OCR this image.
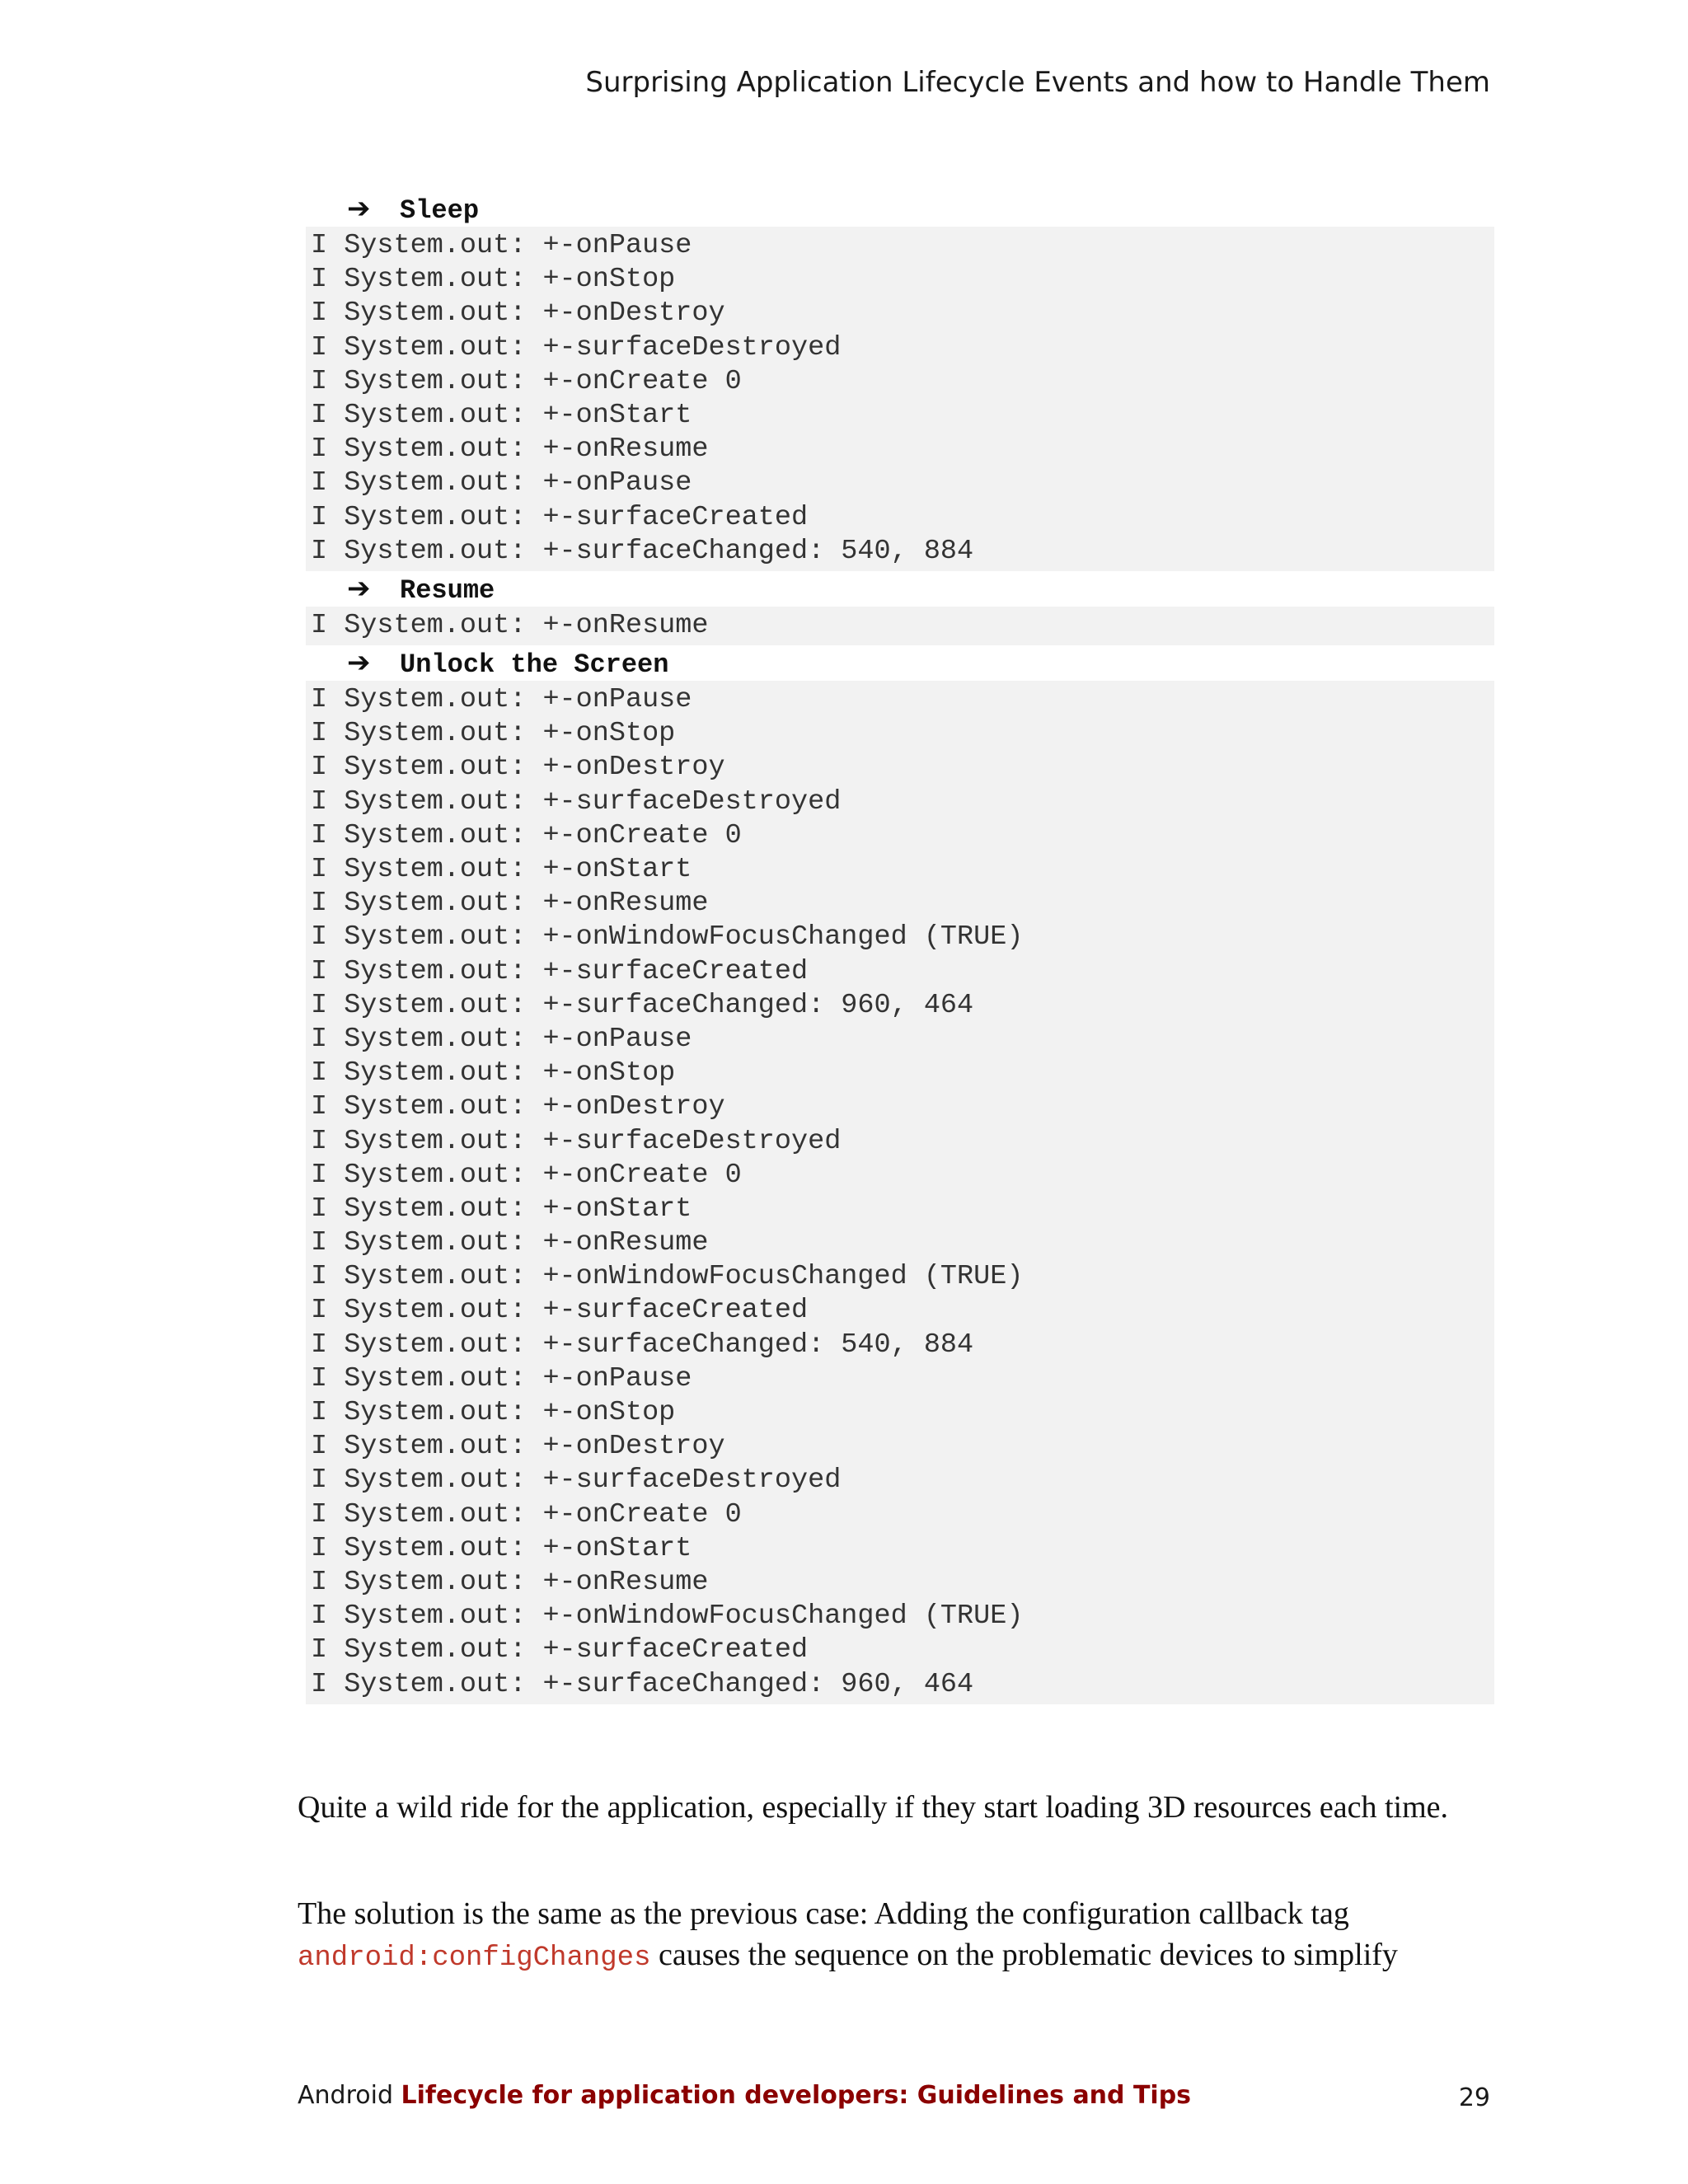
Surprising Application Lifecycle Events and how to Handle Them
➔ Sleep
I System.out: +-onPause
I System.out: +-onStop
I System.out: +-onDestroy
I System.out: +-surfaceDestroyed
I System.out: +-onCreate 0
I System.out: +-onStart
I System.out: +-onResume
I System.out: +-onPause
I System.out: +-surfaceCreated
I System.out: +-surfaceChanged: 540, 884
➔ Resume
I System.out: +-onResume
➔ Unlock the Screen
I System.out: +-onPause
I System.out: +-onStop
I System.out: +-onDestroy
I System.out: +-surfaceDestroyed
I System.out: +-onCreate 0
I System.out: +-onStart
I System.out: +-onResume
I System.out: +-onWindowFocusChanged (TRUE)
I System.out: +-surfaceCreated
I System.out: +-surfaceChanged: 960, 464
I System.out: +-onPause
I System.out: +-onStop
I System.out: +-onDestroy
I System.out: +-surfaceDestroyed
I System.out: +-onCreate 0
I System.out: +-onStart
I System.out: +-onResume
I System.out: +-onWindowFocusChanged (TRUE)
I System.out: +-surfaceCreated
I System.out: +-surfaceChanged: 540, 884
I System.out: +-onPause
I System.out: +-onStop
I System.out: +-onDestroy
I System.out: +-surfaceDestroyed
I System.out: +-onCreate 0
I System.out: +-onStart
I System.out: +-onResume
I System.out: +-onWindowFocusChanged (TRUE)
I System.out: +-surfaceCreated
I System.out: +-surfaceChanged: 960, 464
Quite a wild ride for the application, especially if they start loading 3D resources each time.
The solution is the same as the previous case: Adding the configuration callback tag android:configChanges causes the sequence on the problematic devices to simplify
Android Lifecycle for application developers: Guidelines and Tips	29
